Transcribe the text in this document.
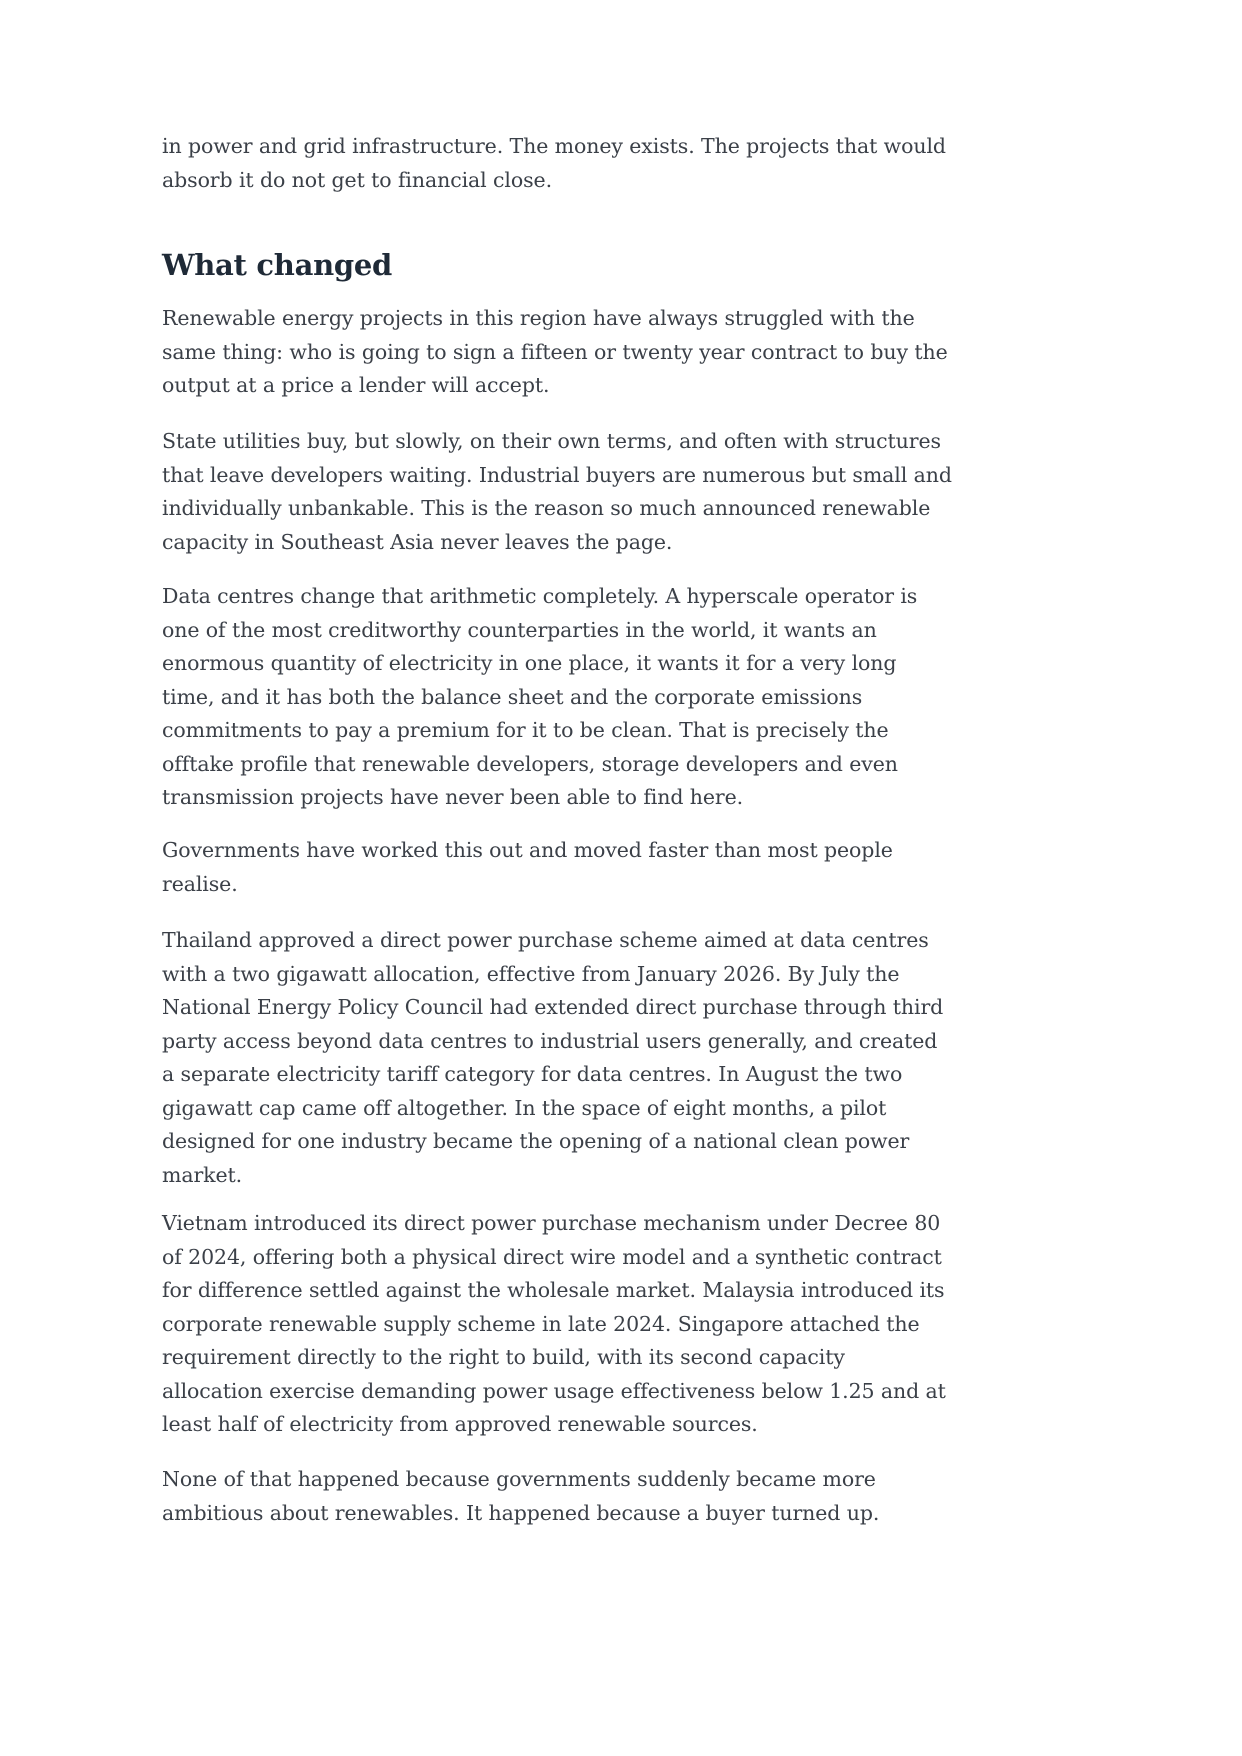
in power and grid infrastructure. The money exists. The projects that would absorb it do not get to financial close.

What changed

Renewable energy projects in this region have always struggled with the same thing: who is going to sign a fifteen or twenty year contract to buy the output at a price a lender will accept.

State utilities buy, but slowly, on their own terms, and often with structures that leave developers waiting. Industrial buyers are numerous but small and individually unbankable. This is the reason so much announced renewable capacity in Southeast Asia never leaves the page.

Data centres change that arithmetic completely. A hyperscale operator is one of the most creditworthy counterparties in the world, it wants an enormous quantity of electricity in one place, it wants it for a very long time, and it has both the balance sheet and the corporate emissions commitments to pay a premium for it to be clean. That is precisely the offtake profile that renewable developers, storage developers and even transmission projects have never been able to find here.

Governments have worked this out and moved faster than most people realise.

Thailand approved a direct power purchase scheme aimed at data centres with a two gigawatt allocation, effective from January 2026. By July the National Energy Policy Council had extended direct purchase through third party access beyond data centres to industrial users generally, and created a separate electricity tariff category for data centres. In August the two gigawatt cap came off altogether. In the space of eight months, a pilot designed for one industry became the opening of a national clean power market.

Vietnam introduced its direct power purchase mechanism under Decree 80 of 2024, offering both a physical direct wire model and a synthetic contract for difference settled against the wholesale market. Malaysia introduced its corporate renewable supply scheme in late 2024. Singapore attached the requirement directly to the right to build, with its second capacity allocation exercise demanding power usage effectiveness below 1.25 and at least half of electricity from approved renewable sources.

None of that happened because governments suddenly became more ambitious about renewables. It happened because a buyer turned up.
